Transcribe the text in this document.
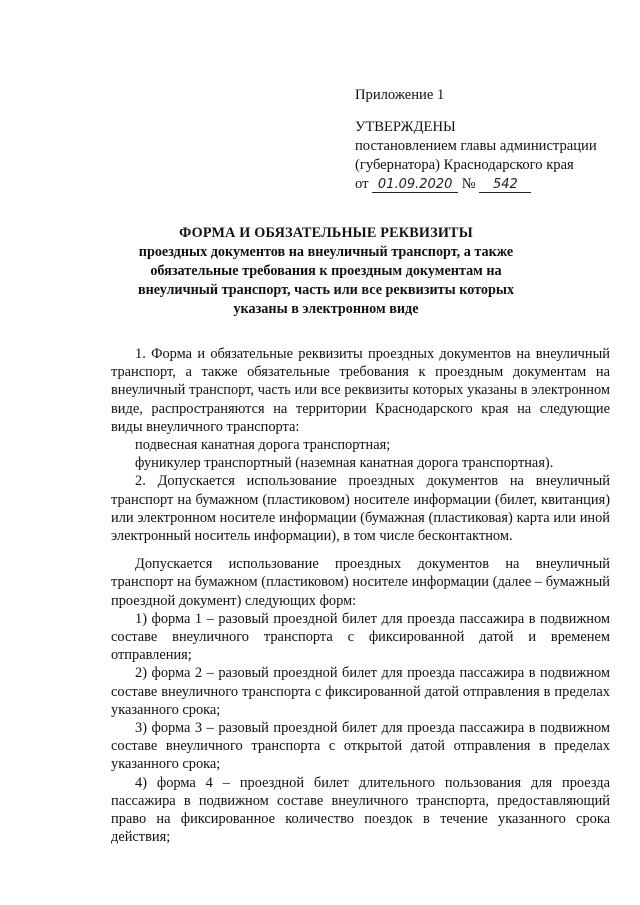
Приложение 1
УТВЕРЖДЕНЫ
постановлением главы администрации
(губернатора) Краснодарского края
от 01.09.2020 № 542
ФОРМА И ОБЯЗАТЕЛЬНЫЕ РЕКВИЗИТЫ
проездных документов на внеуличный транспорт, а также
обязательные требования к проездным документам на
внеуличный транспорт, часть или все реквизиты которых
указаны в электронном виде

1. Форма и обязательные реквизиты проездных документов на внеуличный транспорт, а также обязательные требования к проездным документам на внеуличный транспорт, часть или все реквизиты которых указаны в электронном виде, распространяются на территории Краснодарского края на следующие виды внеуличного транспорта:

подвесная канатная дорога транспортная;

фуникулер транспортный (наземная канатная дорога транспортная).

2. Допускается использование проездных документов на внеуличный транспорт на бумажном (пластиковом) носителе информации (билет, квитанция) или электронном носителе информации (бумажная (пластиковая) карта или иной электронный носитель информации), в том числе бесконтактном.

Допускается использование проездных документов на внеуличный транспорт на бумажном (пластиковом) носителе информации (далее – бумажный проездной документ) следующих форм:

1) форма 1 – разовый проездной билет для проезда пассажира в подвижном составе внеуличного транспорта с фиксированной датой и временем отправления;

2) форма 2 – разовый проездной билет для проезда пассажира в подвижном составе внеуличного транспорта с фиксированной датой отправления в пределах указанного срока;

3) форма 3 – разовый проездной билет для проезда пассажира в подвижном составе внеуличного транспорта с открытой датой отправления в пределах указанного срока;

4) форма 4 – проездной билет длительного пользования для проезда пассажира в подвижном составе внеуличного транспорта, предоставляющий право на фиксированное количество поездок в течение указанного срока действия;
